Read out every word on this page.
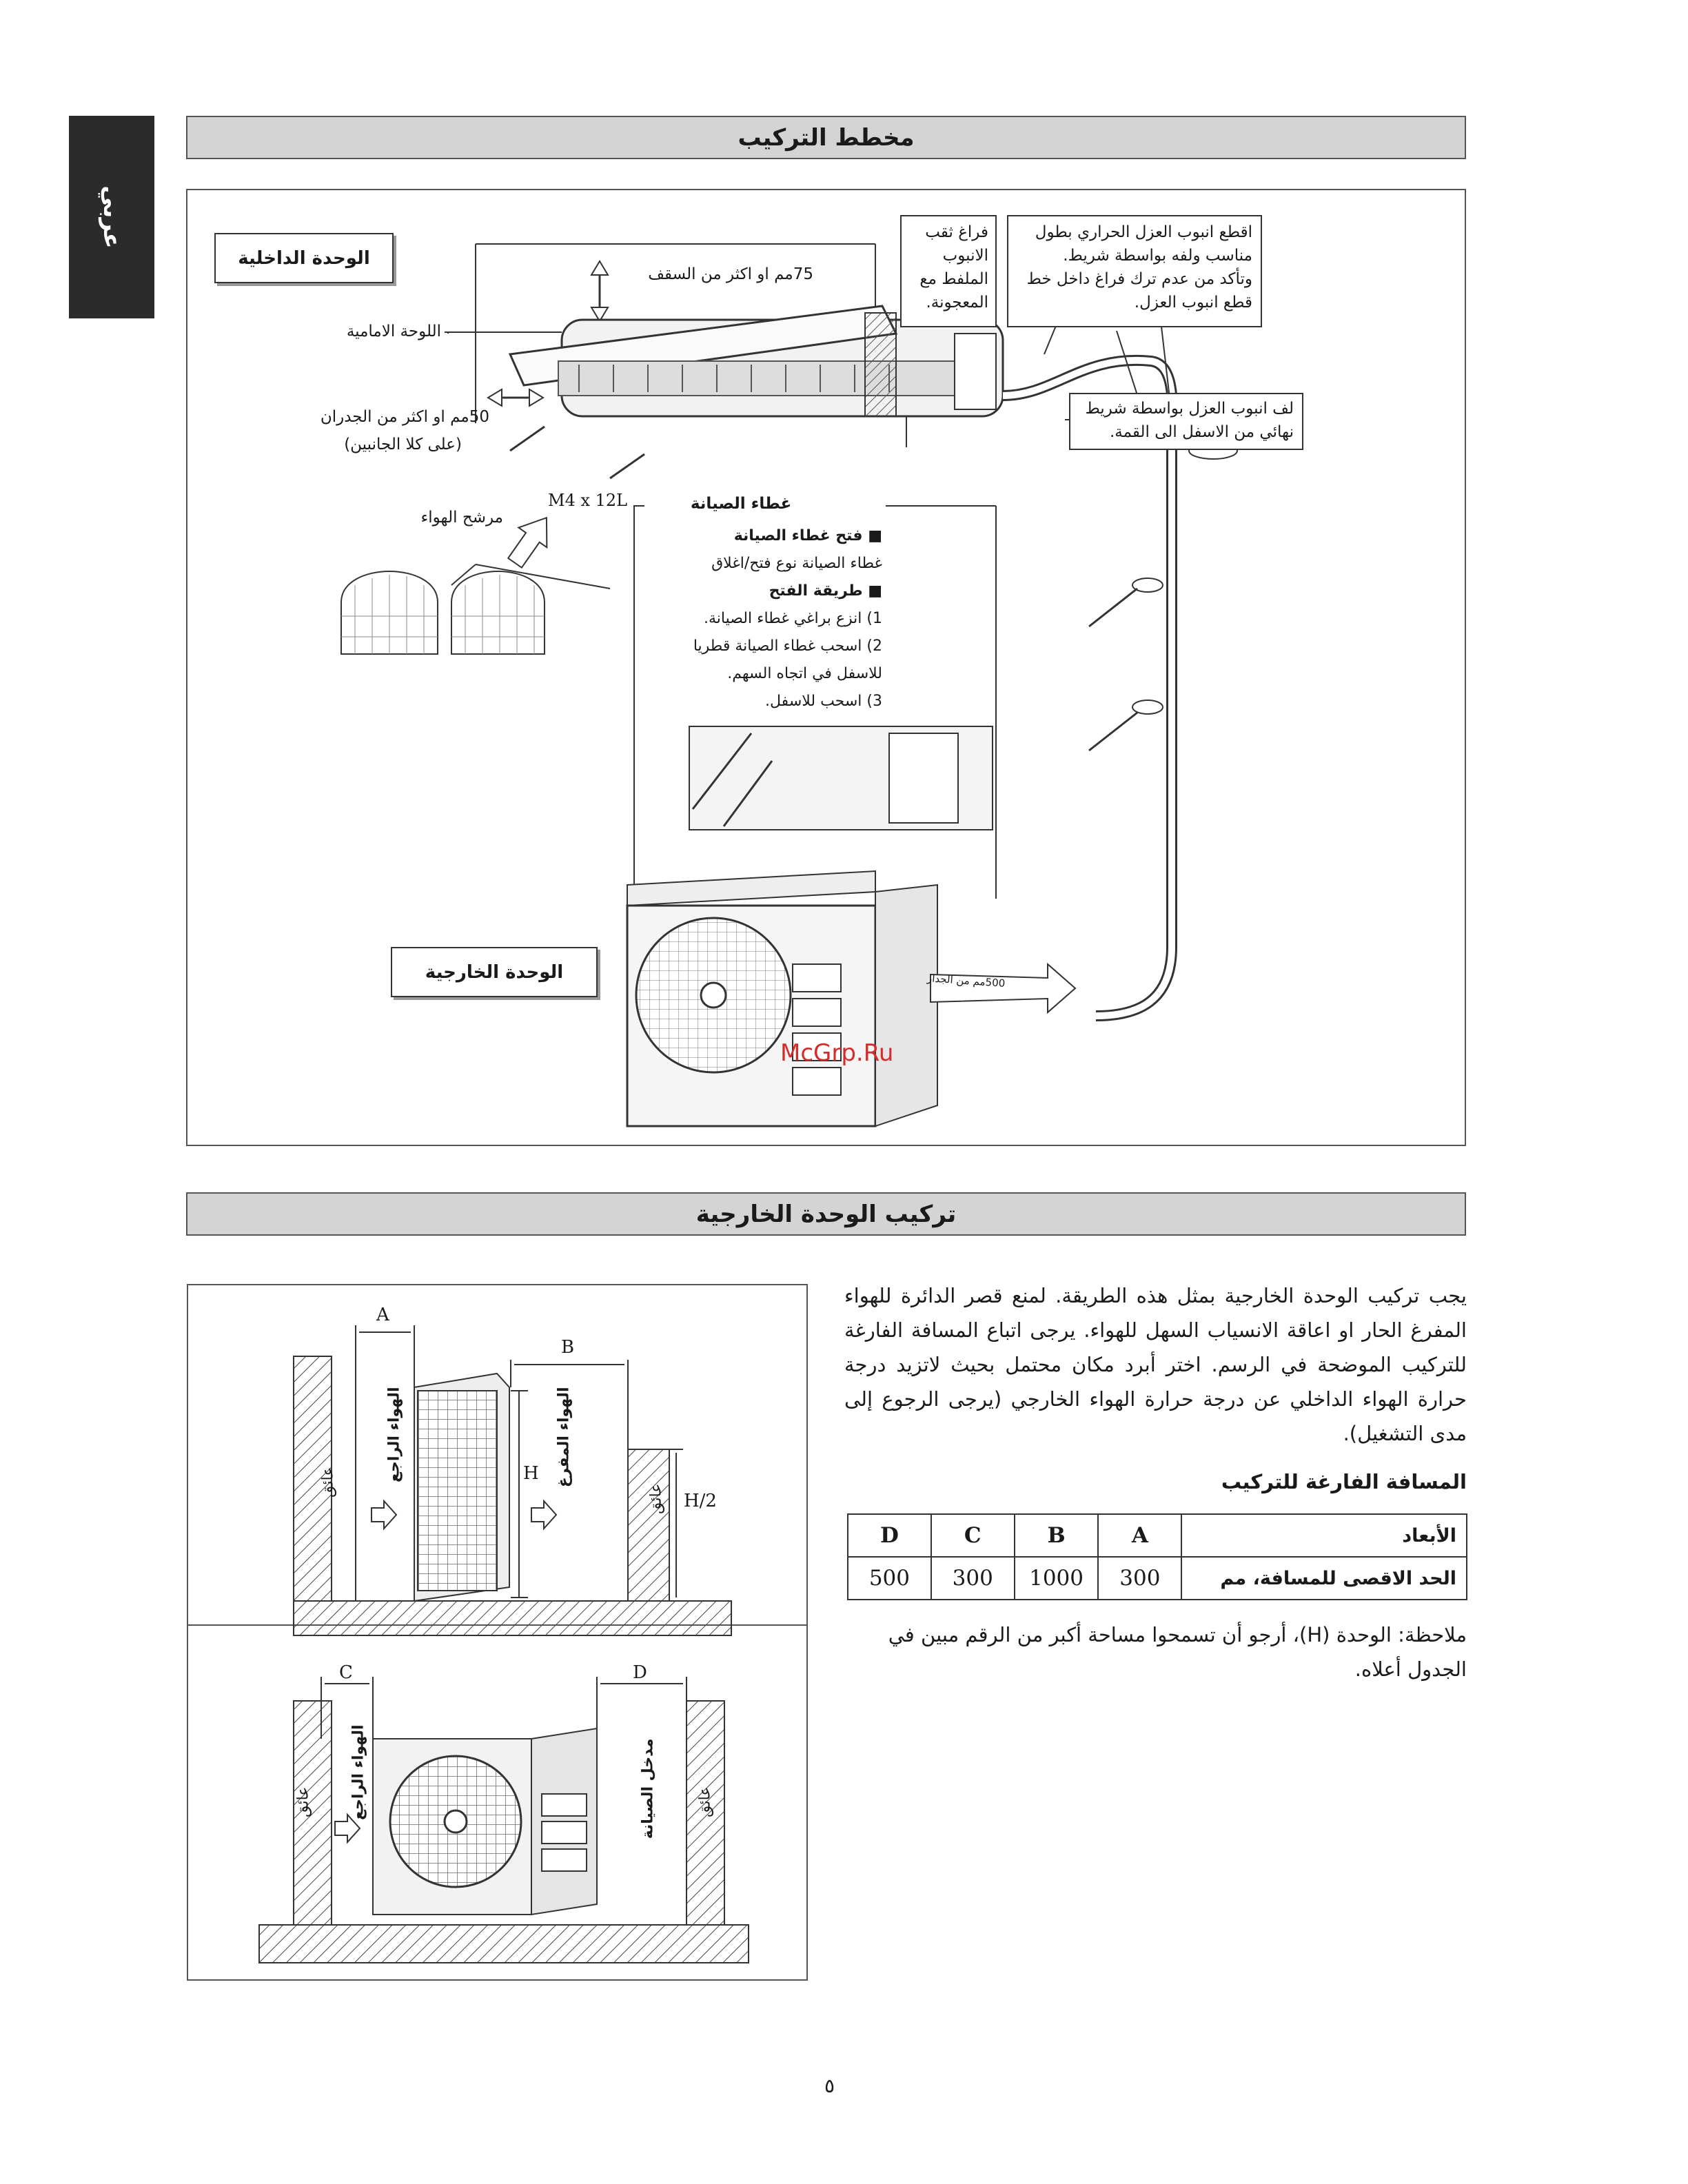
عربي
مخطط التركيب
الوحدة الداخلية
75مم او اكثر من السقف
اللوحة الامامية
50مم او اكثر من الجدران
(على كلا الجانبين)
M4 x 12L
مرشح الهواء
فراغ ثقب
الانبوب
الملفط مع
المعجونة.
اقطع انبوب العزل الحراري بطول
مناسب ولفه بواسطة شريط.
وتأكد من عدم ترك فراغ داخل خط
قطع انبوب العزل.
لف انبوب العزل بواسطة شريط
نهائي من الاسفل الى القمة.
غطاء الصيانة
■ فتح غطاء الصيانة
غطاء الصيانة نوع فتح/اغلاق
■ طريقة الفتح
1) انزع براغي غطاء الصيانة.
2) اسحب غطاء الصيانة قطريا
للاسفل في اتجاه السهم.
3) اسحب للاسفل.
الوحدة الخارجية	500مم من الجدار
McGrp.Ru
تركيب الوحدة الخارجية
A
B
H
H/2
عائق
عائق
الهواء الراجع	الهواء المفرغ
C	D
عائق	عائق
الهواء الراجع	مدخل الصيانة
يجب تركيب الوحدة الخارجية بمثل هذه الطريقة. لمنع قصر الدائرة للهواء المفرغ الحار او اعاقة الانسياب السهل للهواء. يرجى اتباع المسافة الفارغة للتركيب الموضحة في الرسم. اختر أبرد مكان محتمل بحيث لاتزيد درجة حرارة الهواء الداخلي عن درجة حرارة الهواء الخارجي (يرجى الرجوع إلى مدى التشغيل).
المسافة الفارغة للتركيب
الأبعاد	A	B	C	D
الحد الاقصى للمسافة، مم	300	1000	300	500
ملاحظة: الوحدة (H)، أرجو أن تسمحوا مساحة أكبر من الرقم مبين في الجدول أعلاه.
٥
